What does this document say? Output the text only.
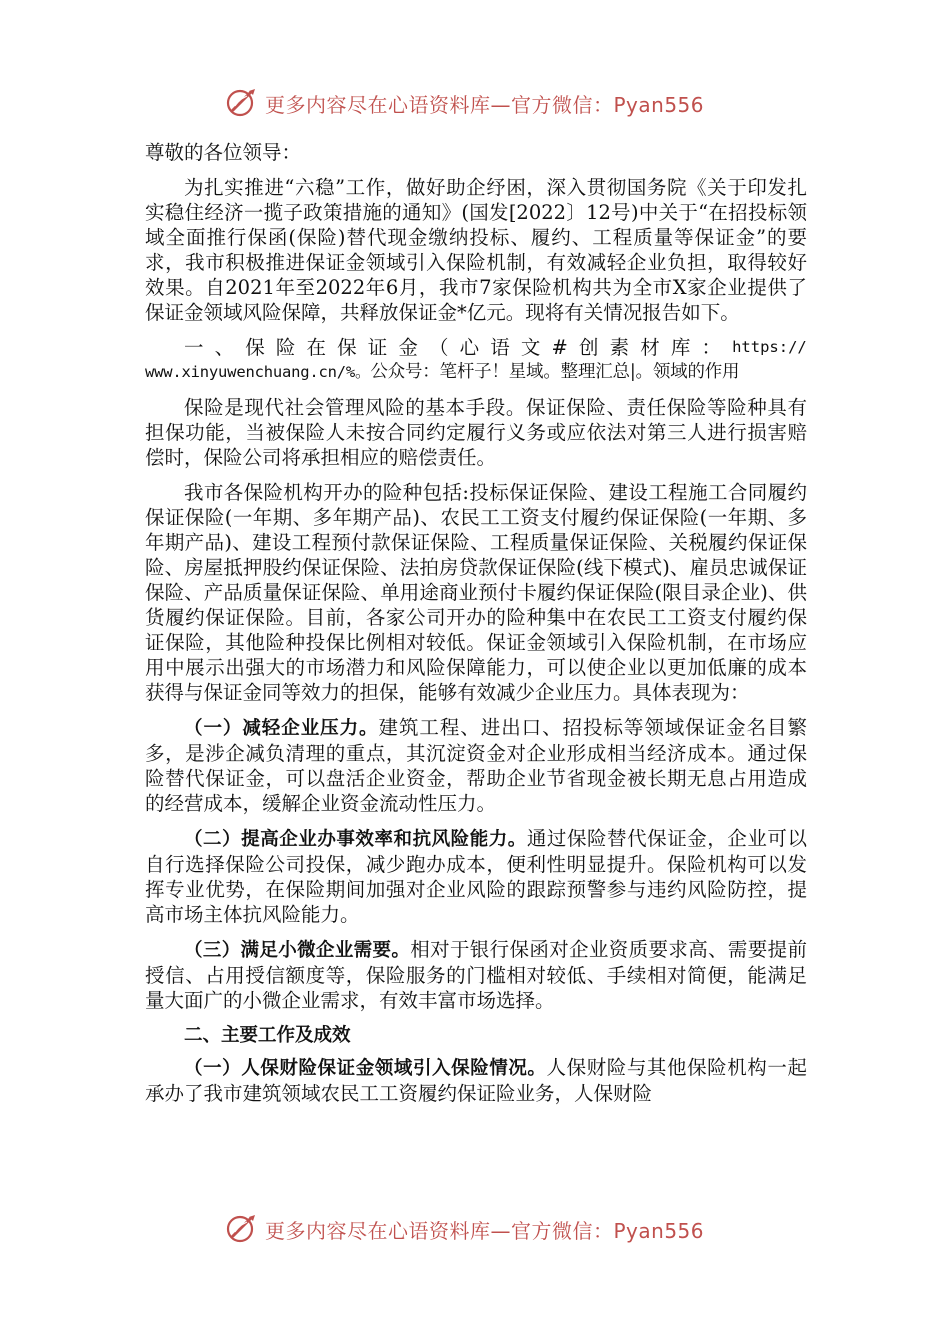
更多内容尽在心语资料库—官方微信：Pyan556

尊敬的各位领导：

为扎实推进“六稳”工作，做好助企纾困，深入贯彻国务院《关于印发扎实稳住经济一揽子政策措施的通知》(国发[2022〕12号)中关于“在招投标领域全面推行保函(保险)替代现金缴纳投标、履约、工程质量等保证金”的要求，我市积极推进保证金领域引入保险机制，有效减轻企业负担，取得较好效果。自2021年至2022年6月，我市7家保险机构共为全市X家企业提供了保证金领域风险保障，共释放保证金*亿元。现将有关情况报告如下。

一 、 保 险 在 保 证 金 （ 心 语 文 # 创 素 材 库 ： https://
www.xinyuwenchuang.cn/%。公众号：笔杆子！星域。整理汇总|。领域的作用

保险是现代社会管理风险的基本手段。保证保险、责任保险等险种具有担保功能，当被保险人未按合同约定履行义务或应依法对第三人进行损害赔偿时，保险公司将承担相应的赔偿责任。

我市各保险机构开办的险种包括:投标保证保险、建设工程施工合同履约保证保险(一年期、多年期产品)、农民工工资支付履约保证保险(一年期、多年期产品)、建设工程预付款保证保险、工程质量保证保险、关税履约保证保险、房屋抵押股约保证保险、法拍房贷款保证保险(线下模式)、雇员忠诚保证保险、产品质量保证保险、单用途商业预付卡履约保证保险(限目录企业)、供货履约保证保险。目前，各家公司开办的险种集中在农民工工资支付履约保证保险，其他险种投保比例相对较低。保证金领域引入保险机制，在市场应用中展示出强大的市场潜力和风险保障能力，可以使企业以更加低廉的成本获得与保证金同等效力的担保，能够有效减少企业压力。具体表现为：

（一）减轻企业压力。建筑工程、进出口、招投标等领域保证金名目繁多，是涉企减负清理的重点，其沉淀资金对企业形成相当经济成本。通过保险替代保证金，可以盘活企业资金，帮助企业节省现金被长期无息占用造成的经营成本，缓解企业资金流动性压力。

（二）提高企业办事效率和抗风险能力。通过保险替代保证金，企业可以自行选择保险公司投保，减少跑办成本，便利性明显提升。保险机构可以发挥专业优势，在保险期间加强对企业风险的跟踪预警参与违约风险防控，提高市场主体抗风险能力。

（三）满足小微企业需要。相对于银行保函对企业资质要求高、需要提前授信、占用授信额度等，保险服务的门槛相对较低、手续相对简便，能满足量大面广的小微企业需求，有效丰富市场选择。

二、主要工作及成效

（一）人保财险保证金领域引入保险情况。人保财险与其他保险机构一起承办了我市建筑领域农民工工资履约保证险业务，人保财险

更多内容尽在心语资料库—官方微信：Pyan556
